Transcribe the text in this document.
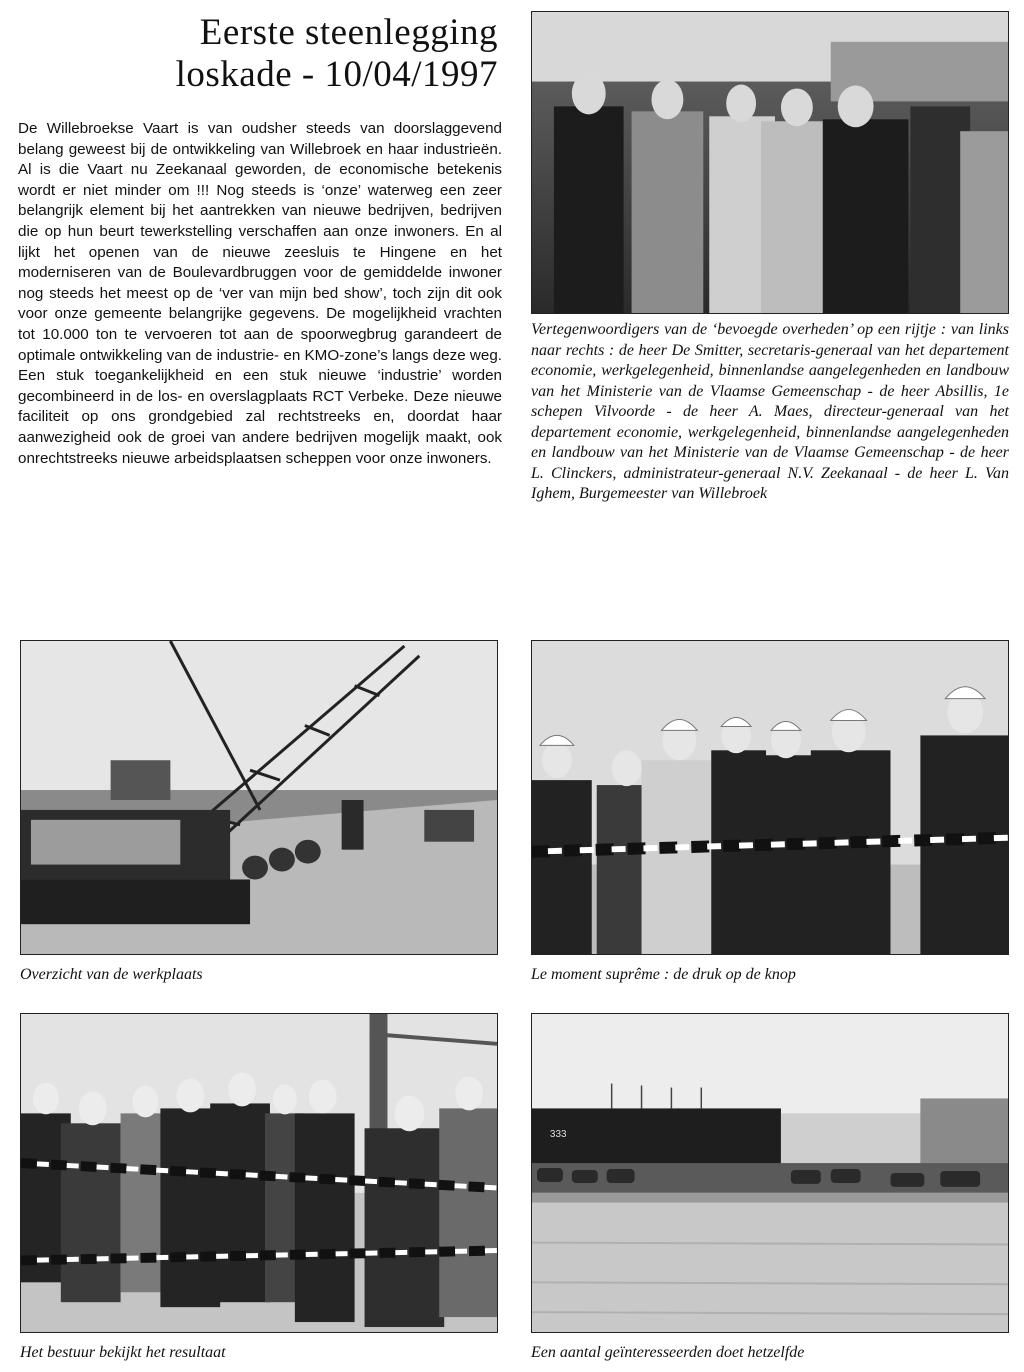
Eerste steenlegging
loskade - 10/04/1997

De Willebroekse Vaart is van oudsher steeds van doorslaggevend belang geweest bij de ontwikkeling van Willebroek en haar industrieën. Al is die Vaart nu Zeekanaal geworden, de economische betekenis wordt er niet minder om !!! Nog steeds is ‘onze’ waterweg een zeer belangrijk element bij het aantrekken van nieuwe bedrijven, bedrijven die op hun beurt tewerkstelling verschaffen aan onze inwoners. En al lijkt het openen van de nieuwe zeesluis te Hingene en het moderniseren van de Boulevardbruggen voor de gemiddelde inwoner nog steeds het meest op de ‘ver van mijn bed show’, toch zijn dit ook voor onze gemeente belangrijke gegevens. De mogelijkheid vrachten tot 10.000 ton te vervoeren tot aan de spoorwegbrug garandeert de optimale ontwikkeling van de industrie- en KMO-zone’s langs deze weg. Een stuk toegankelijkheid en een stuk nieuwe ‘industrie’ worden gecombineerd in de los- en overslagplaats RCT Verbeke. Deze nieuwe faciliteit op ons grondgebied zal rechtstreeks en, doordat haar aanwezigheid ook de groei van andere bedrijven mogelijk maakt, ook onrechtstreeks nieuwe arbeidsplaatsen scheppen voor onze inwoners.

Vertegenwoordigers van de ‘bevoegde overheden’ op een rijtje : van links naar rechts : de heer De Smitter, secretaris-generaal van het departement economie, werkgelegenheid, binnenlandse aangelegenheden en landbouw van het Ministerie van de Vlaamse Gemeenschap - de heer Absillis, 1e schepen Vilvoorde - de heer A. Maes, directeur-generaal van het departement economie, werkgelegenheid, binnenlandse aangelegenheden en landbouw van het Ministerie van de Vlaamse Gemeenschap - de heer L. Clinckers, administrateur-generaal N.V. Zeekanaal - de heer L. Van Ighem, Burgemeester van Willebroek
Overzicht van de werkplaats	Le moment suprême : de druk op de knop
Het bestuur bekijkt het resultaat
333
Een aantal geïnteresseerden doet hetzelfde
